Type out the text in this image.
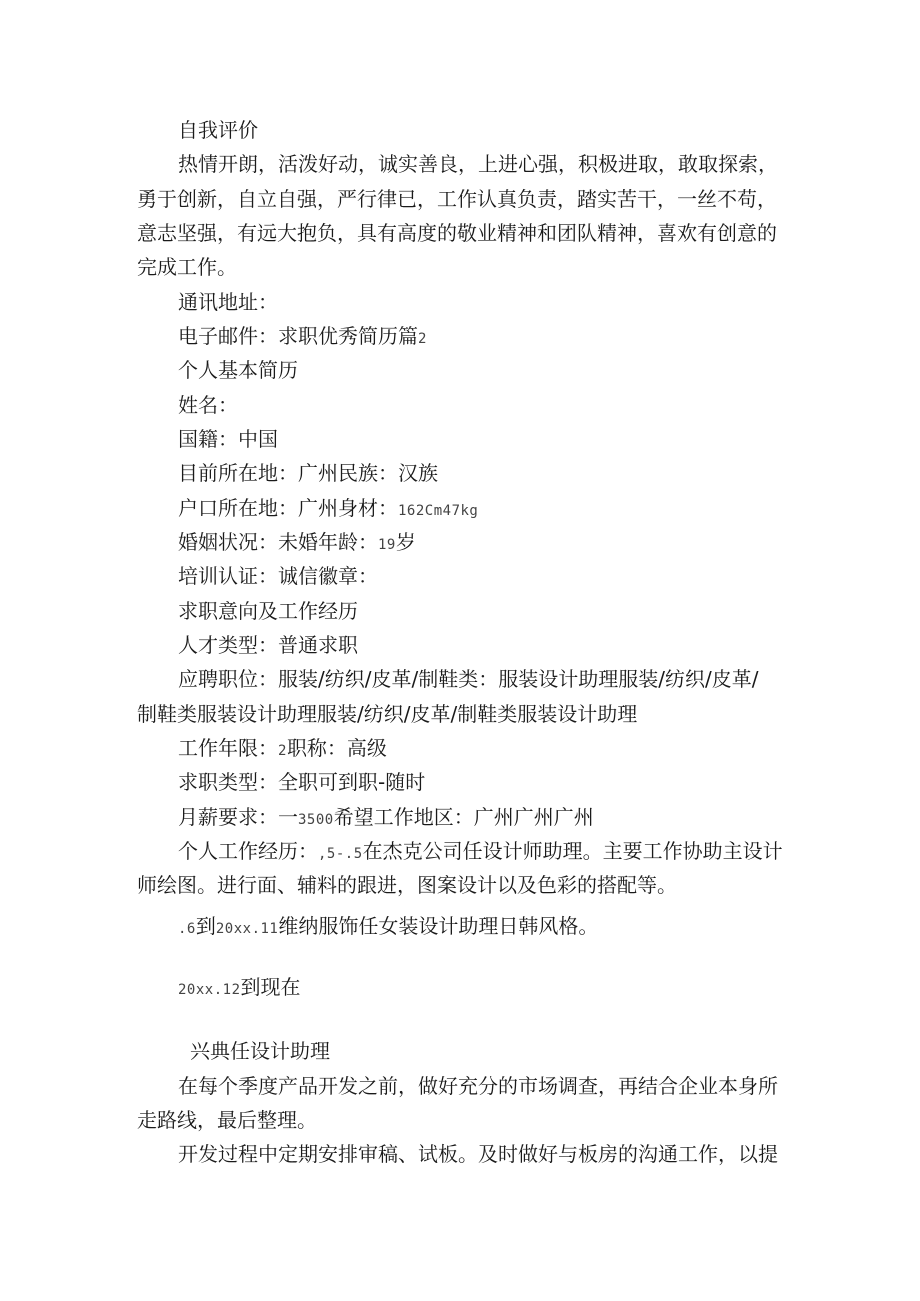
自我评价
热情开朗，活泼好动，诚实善良，上进心强，积极进取，敢取探索，
勇于创新，自立自强，严行律已，工作认真负责，踏实苦干，一丝不苟，
意志坚强，有远大抱负，具有高度的敬业精神和团队精神，喜欢有创意的
完成工作。
通讯地址：
电子邮件：求职优秀简历篇2
个人基本简历
姓名：
国籍：中国
目前所在地：广州民族：汉族
户口所在地：广州身材：162Cm47kg
婚姻状况：未婚年龄：19岁
培训认证：诚信徽章：
求职意向及工作经历
人才类型：普通求职
应聘职位：服装/纺织/皮革/制鞋类：服装设计助理服装/纺织/皮革/
制鞋类服装设计助理服装/纺织/皮革/制鞋类服装设计助理
工作年限：2职称：高级
求职类型：全职可到职-随时
月薪要求：一3500希望工作地区：广州广州广州
个人工作经历：,5-.5在杰克公司任设计师助理。主要工作协助主设计
师绘图。进行面、辅料的跟进，图案设计以及色彩的搭配等。
.6到20xx.11维纳服饰任女装设计助理日韩风格。
20xx.12到现在
兴典任设计助理
在每个季度产品开发之前，做好充分的市场调查，再结合企业本身所
走路线，最后整理。
开发过程中定期安排审稿、试板。及时做好与板房的沟通工作，以提
